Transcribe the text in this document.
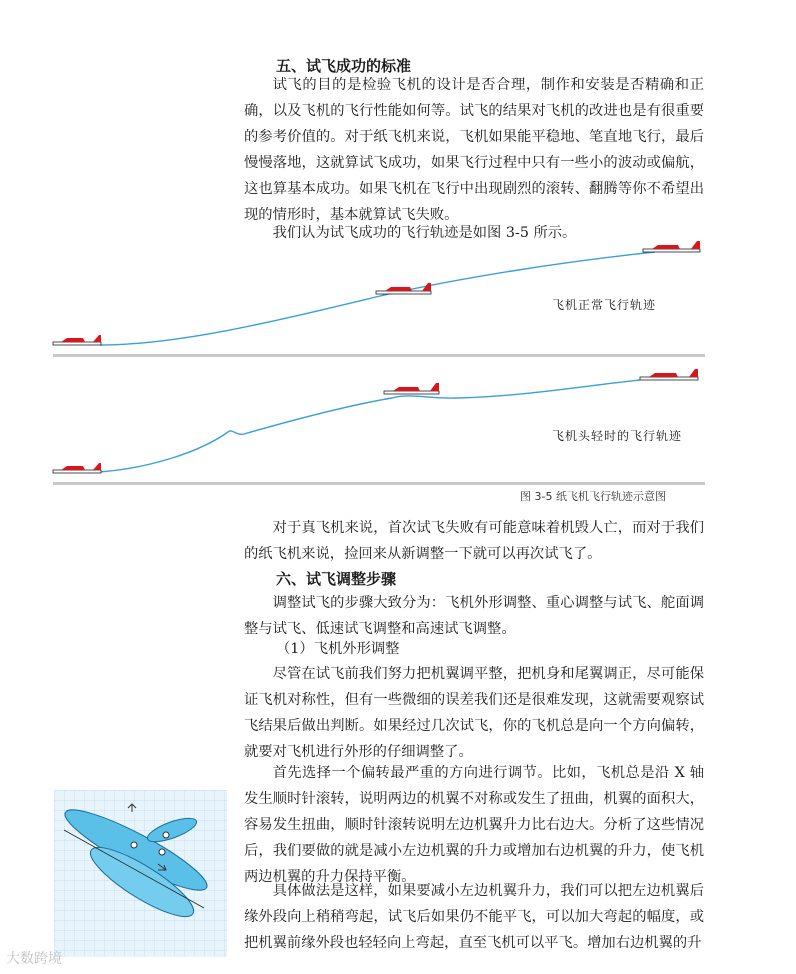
五、试飞成功的标准

试飞的目的是检验飞机的设计是否合理，制作和安装是否精确和正确，以及飞机的飞行性能如何等。试飞的结果对飞机的改进也是有很重要的参考价值的。对于纸飞机来说，飞机如果能平稳地、笔直地飞行，最后慢慢落地，这就算试飞成功，如果飞行过程中只有一些小的波动或偏航，这也算基本成功。如果飞机在飞行中出现剧烈的滚转、翻腾等你不希望出现的情形时，基本就算试飞失败。

我们认为试飞成功的飞行轨迹是如图 3-5 所示。

飞机正常飞行轨迹
飞机头轻时的飞行轨迹
图 3-5 纸飞机飞行轨迹示意图

对于真飞机来说，首次试飞失败有可能意味着机毁人亡，而对于我们的纸飞机来说，捡回来从新调整一下就可以再次试飞了。

六、试飞调整步骤

调整试飞的步骤大致分为：飞机外形调整、重心调整与试飞、舵面调整与试飞、低速试飞调整和高速试飞调整。

（1）飞机外形调整

尽管在试飞前我们努力把机翼调平整，把机身和尾翼调正，尽可能保证飞机对称性，但有一些微细的误差我们还是很难发现，这就需要观察试飞结果后做出判断。如果经过几次试飞，你的飞机总是向一个方向偏转，就要对飞机进行外形的仔细调整了。

首先选择一个偏转最严重的方向进行调节。比如，飞机总是沿 X 轴发生顺时针滚转，说明两边的机翼不对称或发生了扭曲，机翼的面积大，容易发生扭曲，顺时针滚转说明左边机翼升力比右边大。分析了这些情况后，我们要做的就是减小左边机翼的升力或增加右边机翼的升力，使飞机两边机翼的升力保持平衡。

具体做法是这样，如果要减小左边机翼升力，我们可以把左边机翼后缘外段向上稍稍弯起，试飞后如果仍不能平飞，可以加大弯起的幅度，或把机翼前缘外段也轻轻向上弯起，直至飞机可以平飞。增加右边机翼的升

大数跨境
